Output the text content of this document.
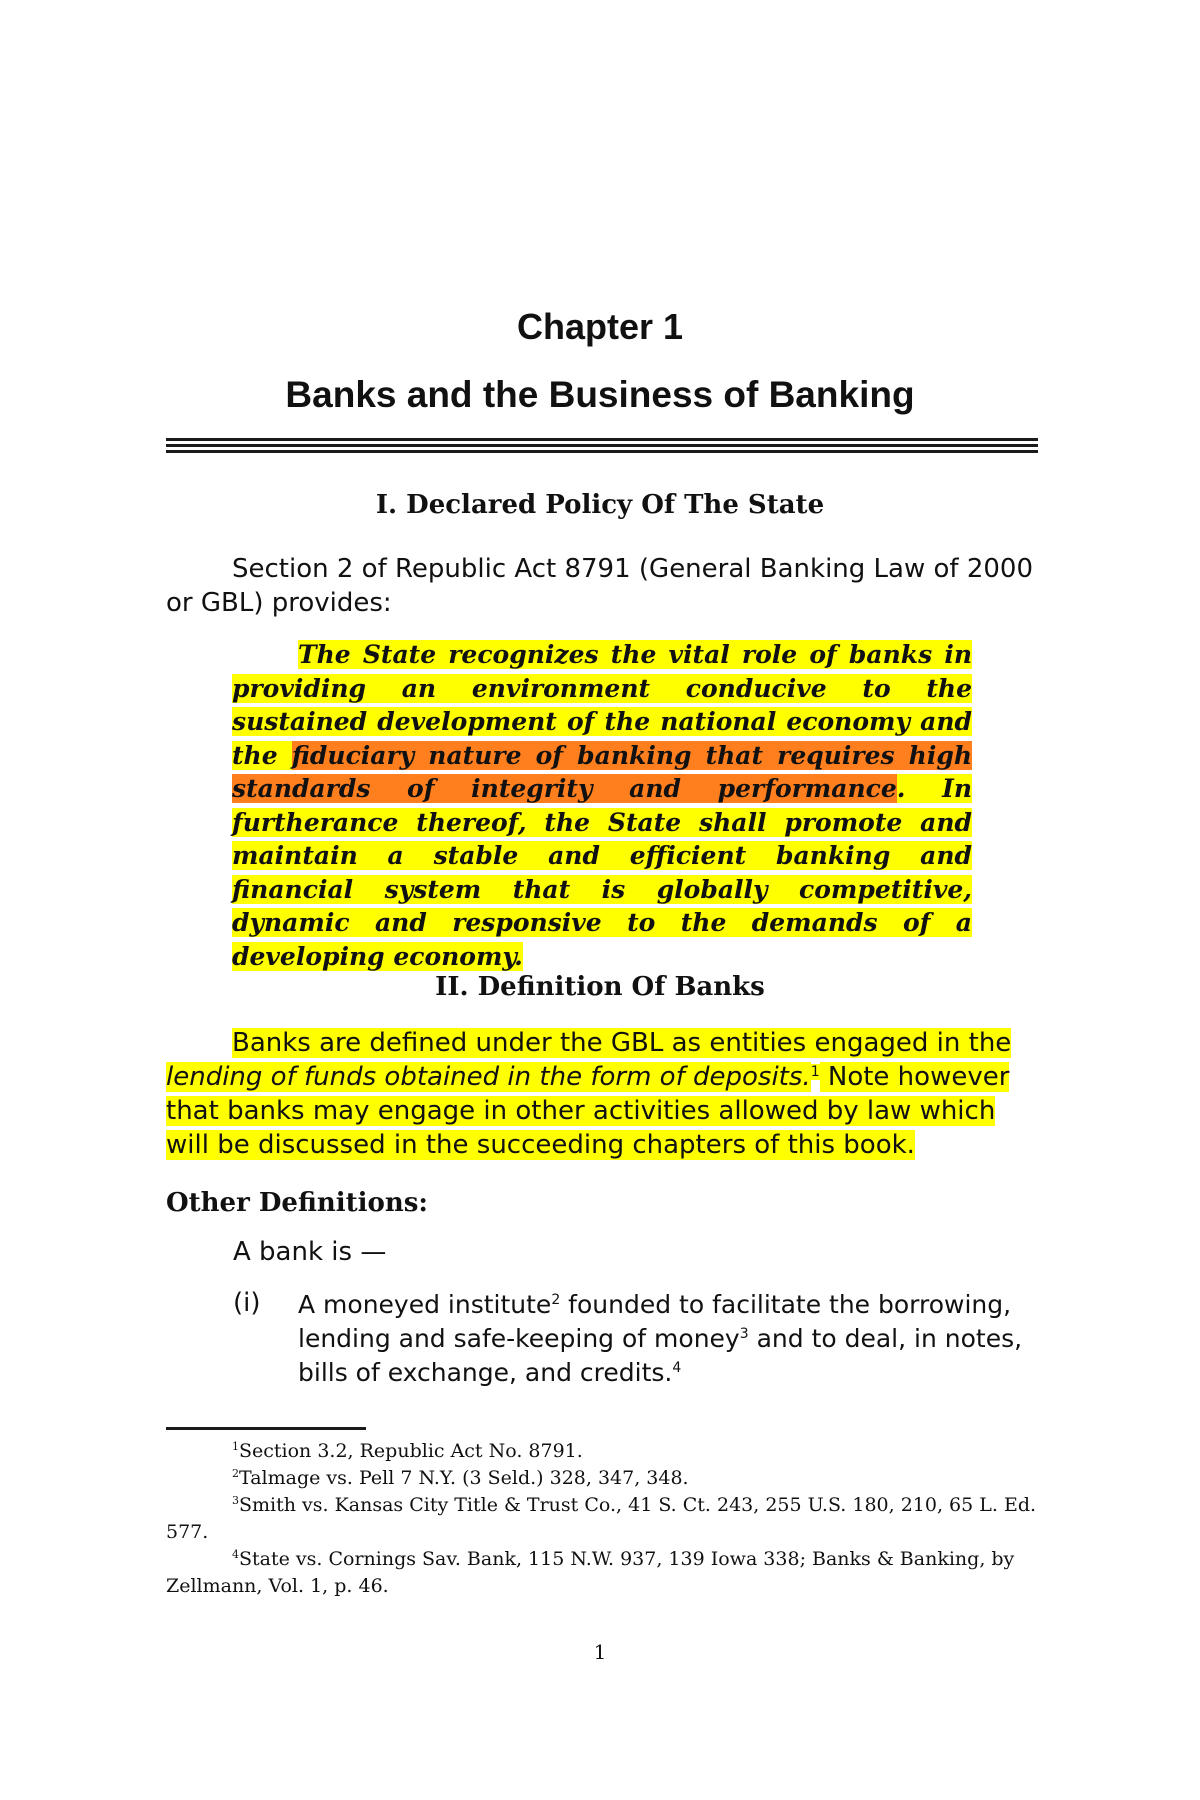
Chapter 1
Banks and the Business of Banking
I. Declared Policy Of The State
Section 2 of Republic Act 8791 (General Banking Law of 2000 or GBL) provides:
The State recognizes the vital role of banks in providing an environment conducive to the sustained development of the national economy and the fiduciary nature of banking that requires high standards of integrity and performance. In furtherance thereof, the State shall promote and maintain a stable and efficient banking and financial system that is globally competitive, dynamic and responsive to the demands of a developing economy.
II. Definition Of Banks
Banks are defined under the GBL as entities engaged in the lending of funds obtained in the form of deposits.$^1$ Note however that banks may engage in other activities allowed by law which will be discussed in the succeeding chapters of this book.
Other Definitions:
A bank is —
(i) A moneyed institute$^2$ founded to facilitate the borrowing, lending and safe-keeping of money$^3$ and to deal, in notes, bills of exchange, and credits.$^4$
$^1$Section 3.2, Republic Act No. 8791.
$^2$Talmage vs. Pell 7 N.Y. (3 Seld.) 328, 347, 348.
$^3$Smith vs. Kansas City Title & Trust Co., 41 S. Ct. 243, 255 U.S. 180, 210, 65 L. Ed. 577.
$^4$State vs. Cornings Sav. Bank, 115 N.W. 937, 139 Iowa 338; Banks & Banking, by Zellmann, Vol. 1, p. 46.
1
